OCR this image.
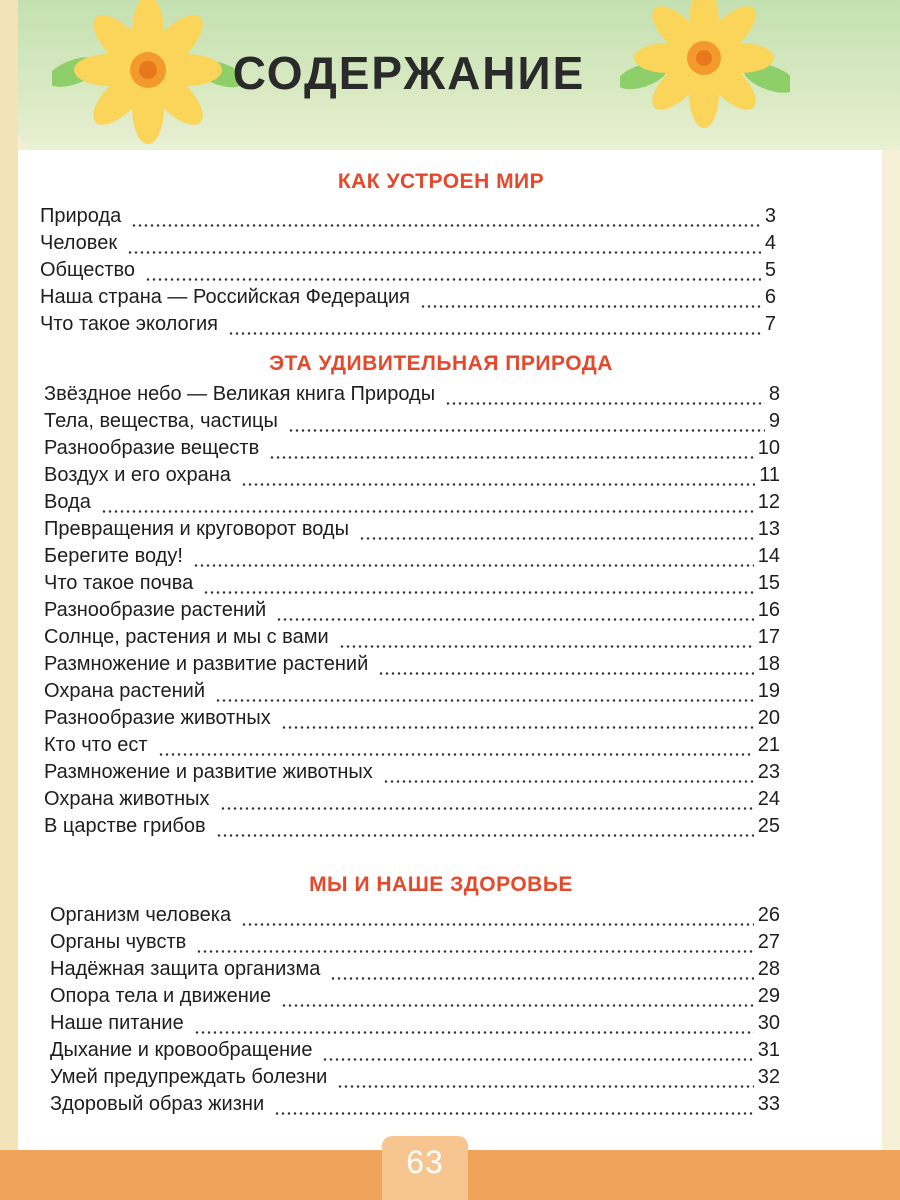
СОДЕРЖАНИЕ
КАК УСТРОЕН МИР
Природа	3
Человек	4
Общество	5
Наша страна — Российская Федерация	6
Что такое экология	7
ЭТА УДИВИТЕЛЬНАЯ ПРИРОДА
Звёздное небо — Великая книга Природы	8
Тела, вещества, частицы	9
Разнообразие веществ	10
Воздух и его охрана	11
Вода	12
Превращения и круговорот воды	13
Берегите воду!	14
Что такое почва	15
Разнообразие растений	16
Солнце, растения и мы с вами	17
Размножение и развитие растений	18
Охрана растений	19
Разнообразие животных	20
Кто что ест	21
Размножение и развитие животных	23
Охрана животных	24
В царстве грибов	25
МЫ И НАШЕ ЗДОРОВЬЕ
Организм человека	26
Органы чувств	27
Надёжная защита организма	28
Опора тела и движение	29
Наше питание	30
Дыхание и кровообращение	31
Умей предупреждать болезни	32
Здоровый образ жизни	33
63
